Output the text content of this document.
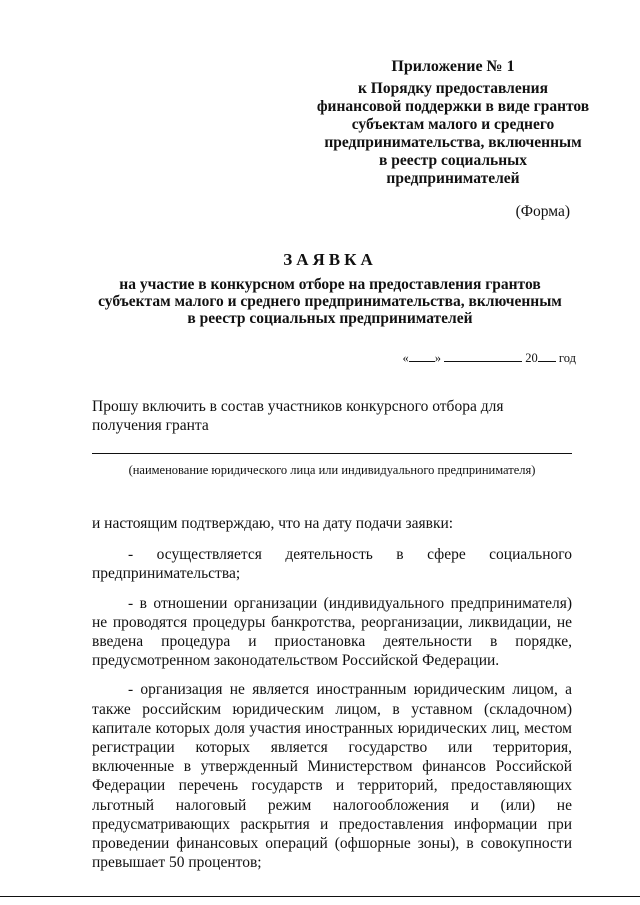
Приложение № 1
к Порядку предоставления
финансовой поддержки в виде грантов
субъектам малого и среднего
предпринимательства, включенным
в реестр социальных
предпринимателей
(Форма)
ЗАЯВКА
на участие в конкурсном отборе на предоставления грантов
субъектам малого и среднего предпринимательства, включенным
в реестр социальных предпринимателей
« »	20 год
Прошу включить в состав участников конкурсного отбора для получения гранта
(наименование юридического лица или индивидуального предпринимателя)

и настоящим подтверждаю, что на дату подачи заявки:

- осуществляется деятельность в сфере социального предпринимательства;

- в отношении организации (индивидуального предпринимателя) не проводятся процедуры банкротства, реорганизации, ликвидации, не введена процедура и приостановка деятельности в порядке, предусмотренном законодательством Российской Федерации.

- организация не является иностранным юридическим лицом, а также российским юридическим лицом, в уставном (складочном) капитале которых доля участия иностранных юридических лиц, местом регистрации которых является государство или территория, включенные в утвержденный Министерством финансов Российской Федерации перечень государств и территорий, предоставляющих льготный налоговый режим налогообложения и (или) не предусматривающих раскрытия и предоставления информации при проведении финансовых операций (офшорные зоны), в совокупности превышает 50 процентов;
